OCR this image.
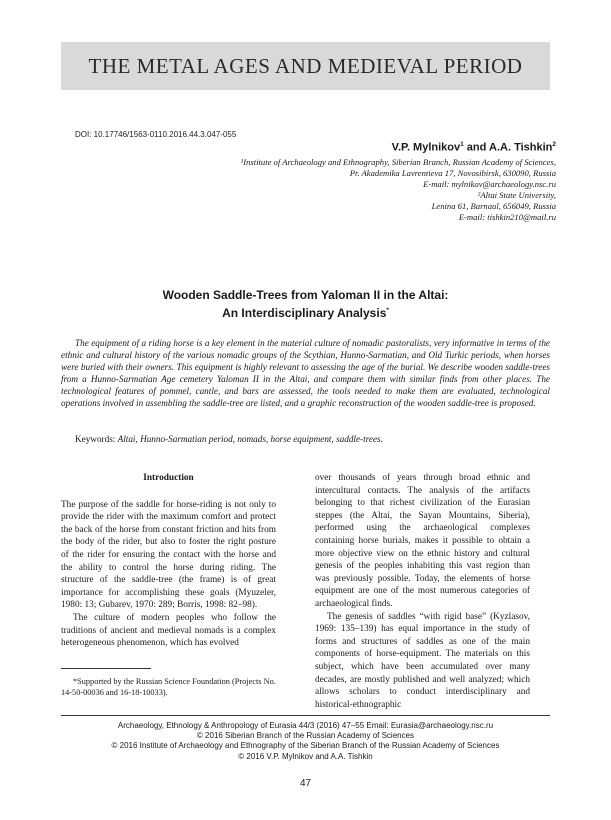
THE METAL AGES AND MEDIEVAL PERIOD
DOI: 10.17746/1563-0110.2016.44.3.047-055
V.P. Mylnikov$^1$ and A.A. Tishkin$^2$
¹Institute of Archaeology and Ethnography, Siberian Branch, Russian Academy of Sciences,
Pr. Akademika Lavrentieva 17, Novosibirsk, 630090, Russia
E-mail: mylnikov@archaeology.nsc.ru
²Altai State University,
Lenina 61, Barnaul, 656049, Russia
E-mail: tishkin210@mail.ru
Wooden Saddle-Trees from Yaloman II in the Altai:
An Interdisciplinary Analysis*
The equipment of a riding horse is a key element in the material culture of nomadic pastoralists, very informative in terms of the ethnic and cultural history of the various nomadic groups of the Scythian, Hunno-Sarmatian, and Old Turkic periods, when horses were buried with their owners. This equipment is highly relevant to assessing the age of the burial. We describe wooden saddle-trees from a Hunno-Sarmatian Age cemetery Yaloman II in the Altai, and compare them with similar finds from other places. The technological features of pommel, cantle, and bars are assessed, the tools needed to make them are evaluated, technological operations involved in assembling the saddle-tree are listed, and a graphic reconstruction of the wooden saddle-tree is proposed.
Keywords: Altai, Hunno-Sarmatian period, nomads, horse equipment, saddle-trees.
Introduction

The purpose of the saddle for horse-riding is not only to provide the rider with the maximum comfort and protect the back of the horse from constant friction and hits from the body of the rider, but also to foster the right posture of the rider for ensuring the contact with the horse and the ability to control the horse during riding. The structure of the saddle-tree (the frame) is of great importance for accomplishing these goals (Myuzeler, 1980: 13; Gubarev, 1970: 289; Borris, 1998: 82–98).

The culture of modern peoples who follow the traditions of ancient and medieval nomads is a complex heterogeneous phenomenon, which has evolved

over thousands of years through broad ethnic and intercultural contacts. The analysis of the artifacts belonging to that richest civilization of the Eurasian steppes (the Altai, the Sayan Mountains, Siberia), performed using the archaeological complexes containing horse burials, makes it possible to obtain a more objective view on the ethnic history and cultural genesis of the peoples inhabiting this vast region than was previously possible. Today, the elements of horse equipment are one of the most numerous categories of archaeological finds.

The genesis of saddles “with rigid base” (Kyzlasov, 1969: 135–139) has equal importance in the study of forms and structures of saddles as one of the main components of horse-equipment. The materials on this subject, which have been accumulated over many decades, are mostly published and well analyzed; which allows scholars to conduct interdisciplinary and historical-ethnographic

*Supported by the Russian Science Foundation (Projects No. 14-50-00036 and 16-18-10033).
Archaeology, Ethnology & Anthropology of Eurasia 44/3 (2016) 47–55 Email: Eurasia@archaeology.nsc.ru
© 2016 Siberian Branch of the Russian Academy of Sciences
© 2016 Institute of Archaeology and Ethnography of the Siberian Branch of the Russian Academy of Sciences
© 2016 V.P. Mylnikov and A.A. Tishkin
47
